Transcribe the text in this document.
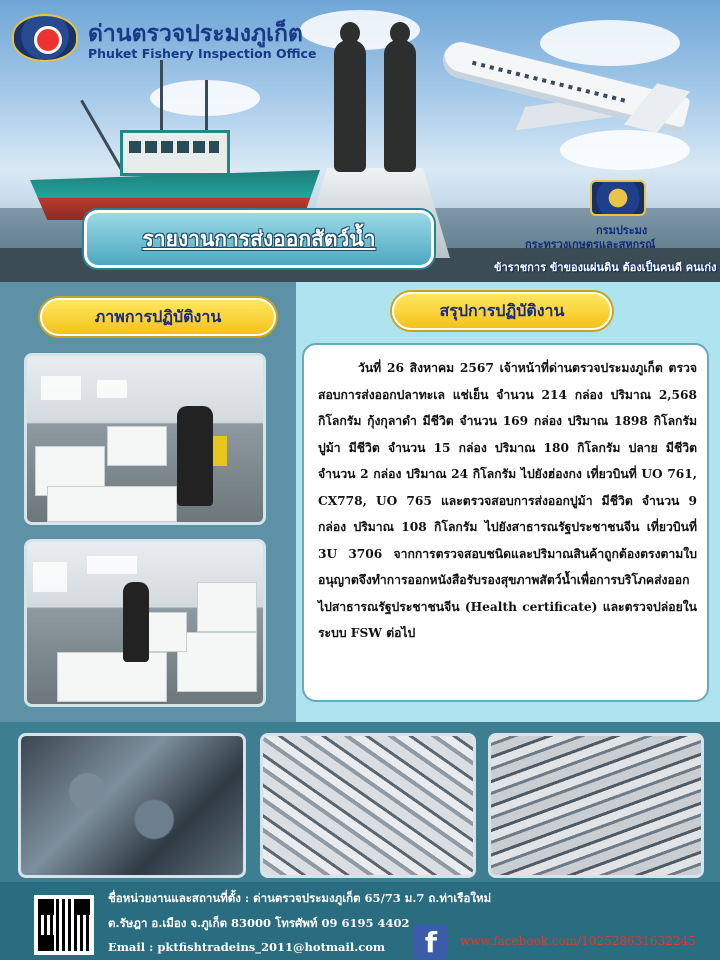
ด่านตรวจประมงภูเก็ต
Phuket Fishery Inspection Office
กรมประมง
กระทรวงเกษตรและสหกรณ์
ข้าราชการ ข้าของแผ่นดิน ต้องเป็นคนดี คนเก่ง
รายงานการส่งออกสัตว์น้ำ
ภาพการปฏิบัติงาน	สรุปการปฏิบัติงาน

วันที่ 26 สิงหาคม 2567 เจ้าหน้าที่ด่านตรวจประมงภูเก็ต ตรวจสอบการส่งออกปลาทะเล แช่เย็น จำนวน 214 กล่อง ปริมาณ 2,568 กิโลกรัม กุ้งกุลาดำ มีชีวิต จำนวน 169 กล่อง ปริมาณ 1898 กิโลกรัม ปูม้า มีชีวิต จำนวน 15 กล่อง ปริมาณ 180 กิโลกรัม ปลาย มีชีวิต จำนวน 2 กล่อง ปริมาณ 24 กิโลกรัม ไปยังฮ่องกง เที่ยวบินที่ UO 761, CX778, UO 765 และตรวจสอบการส่งออกปูม้า มีชีวิต จำนวน 9 กล่อง ปริมาณ 108 กิโลกรัม ไปยังสาธารณรัฐประชาชนจีน เที่ยวบินที่ 3U 3706 จากการตรวจสอบชนิดและปริมาณสินค้าถูกต้องตรงตามใบอนุญาตจึงทำการออกหนังสือรับรองสุขภาพสัตว์น้ำเพื่อการบริโภคส่งออกไปสาธารณรัฐประชาชนจีน (Health certificate) และตรวจปล่อยในระบบ FSW ต่อไป

ชื่อหน่วยงานและสถานที่ตั้ง : ด่านตรวจประมงภูเก็ต 65/73 ม.7 ถ.ท่าเรือใหม่
ต.รัษฎา อ.เมือง จ.ภูเก็ต 83000 โทรศัพท์ 09 6195 4402
Email : pktfishtradeins_2011@hotmail.com	f	www.facebook.com/102528631632245
